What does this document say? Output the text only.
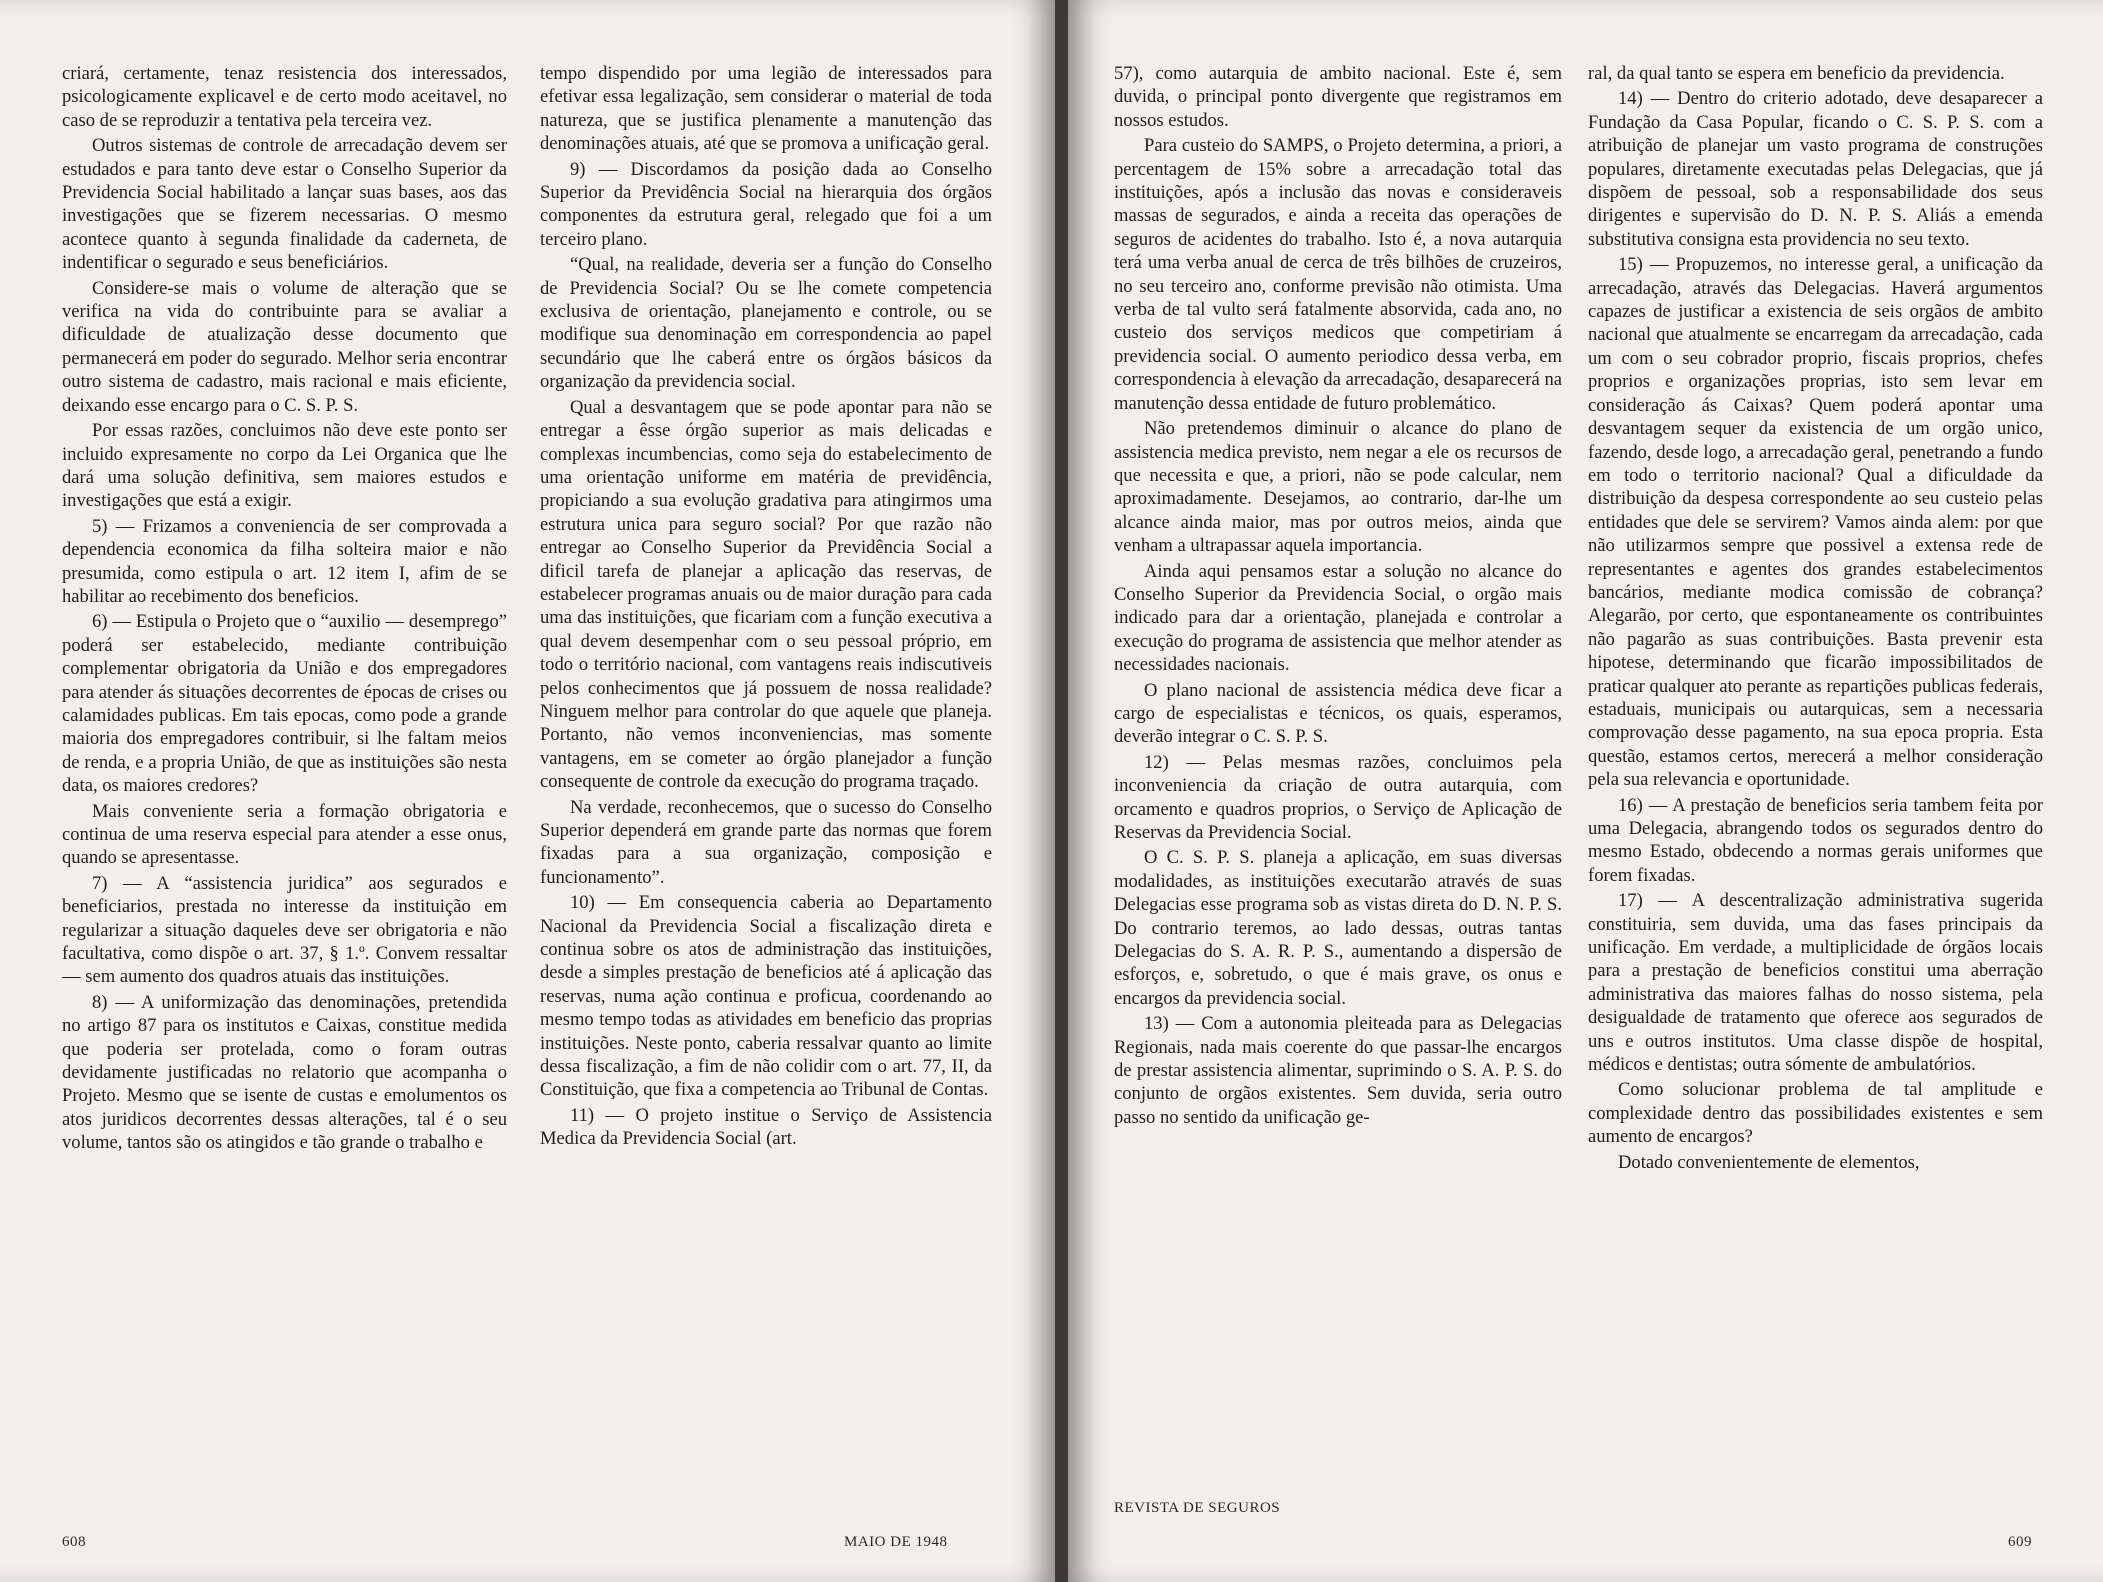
criará, certamente, tenaz resistencia dos interessados, psicologicamente explicavel e de certo modo aceitavel, no caso de se reproduzir a tentativa pela terceira vez.

Outros sistemas de controle de arrecadação devem ser estudados e para tanto deve estar o Conselho Superior da Previdencia Social habilitado a lançar suas bases, aos das investigações que se fizerem necessarias. O mesmo acontece quanto à segunda finalidade da caderneta, de indentificar o segurado e seus beneficiários.

Considere-se mais o volume de alteração que se verifica na vida do contribuinte para se avaliar a dificuldade de atualização desse documento que permanecerá em poder do segurado. Melhor seria encontrar outro sistema de cadastro, mais racional e mais eficiente, deixando esse encargo para o C. S. P. S.

Por essas razões, concluimos não deve este ponto ser incluido expresamente no corpo da Lei Organica que lhe dará uma solução definitiva, sem maiores estudos e investigações que está a exigir.

5) — Frizamos a conveniencia de ser comprovada a dependencia economica da filha solteira maior e não presumida, como estipula o art. 12 item I, afim de se habilitar ao recebimento dos beneficios.

6) — Estipula o Projeto que o “auxilio — desemprego” poderá ser estabelecido, mediante contribuição complementar obrigatoria da União e dos empregadores para atender ás situações decorrentes de épocas de crises ou calamidades publicas. Em tais epocas, como pode a grande maioria dos empregadores contribuir, si lhe faltam meios de renda, e a propria União, de que as instituições são nesta data, os maiores credores?

Mais conveniente seria a formação obrigatoria e continua de uma reserva especial para atender a esse onus, quando se apresentasse.

7) — A “assistencia juridica” aos segurados e beneficiarios, prestada no interesse da instituição em regularizar a situação daqueles deve ser obrigatoria e não facultativa, como dispõe o art. 37, § 1.º. Convem ressaltar — sem aumento dos quadros atuais das instituições.

8) — A uniformização das denominações, pretendida no artigo 87 para os institutos e Caixas, constitue medida que poderia ser protelada, como o foram outras devidamente justificadas no relatorio que acompanha o Projeto. Mesmo que se isente de custas e emolumentos os atos juridicos decorrentes dessas alterações, tal é o seu volume, tantos são os atingidos e tão grande o trabalho e

tempo dispendido por uma legião de interessados para efetivar essa legalização, sem considerar o material de toda natureza, que se justifica plenamente a manutenção das denominações atuais, até que se promova a unificação geral.

9) — Discordamos da posição dada ao Conselho Superior da Previdência Social na hierarquia dos órgãos componentes da estrutura geral, relegado que foi a um terceiro plano.

“Qual, na realidade, deveria ser a função do Conselho de Previdencia Social? Ou se lhe comete competencia exclusiva de orientação, planejamento e controle, ou se modifique sua denominação em correspondencia ao papel secundário que lhe caberá entre os órgãos básicos da organização da previdencia social.

Qual a desvantagem que se pode apontar para não se entregar a êsse órgão superior as mais delicadas e complexas incumbencias, como seja do estabelecimento de uma orientação uniforme em matéria de previdência, propiciando a sua evolução gradativa para atingirmos uma estrutura unica para seguro social? Por que razão não entregar ao Conselho Superior da Previdência Social a dificil tarefa de planejar a aplicação das reservas, de estabelecer programas anuais ou de maior duração para cada uma das instituições, que ficariam com a função executiva a qual devem desempenhar com o seu pessoal próprio, em todo o território nacional, com vantagens reais indiscutiveis pelos conhecimentos que já possuem de nossa realidade? Ninguem melhor para controlar do que aquele que planeja. Portanto, não vemos inconveniencias, mas somente vantagens, em se cometer ao órgão planejador a função consequente de controle da execução do programa traçado.

Na verdade, reconhecemos, que o sucesso do Conselho Superior dependerá em grande parte das normas que forem fixadas para a sua organização, composição e funcionamento”.

10) — Em consequencia caberia ao Departamento Nacional da Previdencia Social a fiscalização direta e continua sobre os atos de administração das instituições, desde a simples prestação de beneficios até á aplicação das reservas, numa ação continua e proficua, coordenando ao mesmo tempo todas as atividades em beneficio das proprias instituições. Neste ponto, caberia ressalvar quanto ao limite dessa fiscalização, a fim de não colidir com o art. 77, II, da Constituição, que fixa a competencia ao Tribunal de Contas.

11) — O projeto institue o Serviço de Assistencia Medica da Previdencia Social (art.

608	MAIO DE 1948

57), como autarquia de ambito nacional. Este é, sem duvida, o principal ponto divergente que registramos em nossos estudos.

Para custeio do SAMPS, o Projeto determina, a priori, a percentagem de 15% sobre a arrecadação total das instituições, após a inclusão das novas e consideraveis massas de segurados, e ainda a receita das operações de seguros de acidentes do trabalho. Isto é, a nova autarquia terá uma verba anual de cerca de três bilhões de cruzeiros, no seu terceiro ano, conforme previsão não otimista. Uma verba de tal vulto será fatalmente absorvida, cada ano, no custeio dos serviços medicos que competiriam á previdencia social. O aumento periodico dessa verba, em correspondencia à elevação da arrecadação, desaparecerá na manutenção dessa entidade de futuro problemático.

Não pretendemos diminuir o alcance do plano de assistencia medica previsto, nem negar a ele os recursos de que necessita e que, a priori, não se pode calcular, nem aproximadamente. Desejamos, ao contrario, dar-lhe um alcance ainda maior, mas por outros meios, ainda que venham a ultrapassar aquela importancia.

Ainda aqui pensamos estar a solução no alcance do Conselho Superior da Previdencia Social, o orgão mais indicado para dar a orientação, planejada e controlar a execução do programa de assistencia que melhor atender as necessidades nacionais.

O plano nacional de assistencia médica deve ficar a cargo de especialistas e técnicos, os quais, esperamos, deverão integrar o C. S. P. S.

12) — Pelas mesmas razões, concluimos pela inconveniencia da criação de outra autarquia, com orcamento e quadros proprios, o Serviço de Aplicação de Reservas da Previdencia Social.

O C. S. P. S. planeja a aplicação, em suas diversas modalidades, as instituições executarão através de suas Delegacias esse programa sob as vistas direta do D. N. P. S. Do contrario teremos, ao lado dessas, outras tantas Delegacias do S. A. R. P. S., aumentando a dispersão de esforços, e, sobretudo, o que é mais grave, os onus e encargos da previdencia social.

13) — Com a autonomia pleiteada para as Delegacias Regionais, nada mais coerente do que passar-lhe encargos de prestar assistencia alimentar, suprimindo o S. A. P. S. do conjunto de orgãos existentes. Sem duvida, seria outro passo no sentido da unificação ge-

ral, da qual tanto se espera em beneficio da previdencia.

14) — Dentro do criterio adotado, deve desaparecer a Fundação da Casa Popular, ficando o C. S. P. S. com a atribuição de planejar um vasto programa de construções populares, diretamente executadas pelas Delegacias, que já dispõem de pessoal, sob a responsabilidade dos seus dirigentes e supervisão do D. N. P. S. Aliás a emenda substitutiva consigna esta providencia no seu texto.

15) — Propuzemos, no interesse geral, a unificação da arrecadação, através das Delegacias. Haverá argumentos capazes de justificar a existencia de seis orgãos de ambito nacional que atualmente se encarregam da arrecadação, cada um com o seu cobrador proprio, fiscais proprios, chefes proprios e organizações proprias, isto sem levar em consideração ás Caixas? Quem poderá apontar uma desvantagem sequer da existencia de um orgão unico, fazendo, desde logo, a arrecadação geral, penetrando a fundo em todo o territorio nacional? Qual a dificuldade da distribuição da despesa correspondente ao seu custeio pelas entidades que dele se servirem? Vamos ainda alem: por que não utilizarmos sempre que possivel a extensa rede de representantes e agentes dos grandes estabelecimentos bancários, mediante modica comissão de cobrança? Alegarão, por certo, que espontaneamente os contribuintes não pagarão as suas contribuições. Basta prevenir esta hipotese, determinando que ficarão impossibilitados de praticar qualquer ato perante as repartições publicas federais, estaduais, municipais ou autarquicas, sem a necessaria comprovação desse pagamento, na sua epoca propria. Esta questão, estamos certos, merecerá a melhor consideração pela sua relevancia e oportunidade.

16) — A prestação de beneficios seria tambem feita por uma Delegacia, abrangendo todos os segurados dentro do mesmo Estado, obdecendo a normas gerais uniformes que forem fixadas.

17) — A descentralização administrativa sugerida constituiria, sem duvida, uma das fases principais da unificação. Em verdade, a multiplicidade de órgãos locais para a prestação de beneficios constitui uma aberração administrativa das maiores falhas do nosso sistema, pela desigualdade de tratamento que oferece aos segurados de uns e outros institutos. Uma classe dispõe de hospital, médicos e dentistas; outra sómente de ambulatórios.

Como solucionar problema de tal amplitude e complexidade dentro das possibilidades existentes e sem aumento de encargos?

Dotado convenientemente de elementos,

REVISTA DE SEGUROS
609
